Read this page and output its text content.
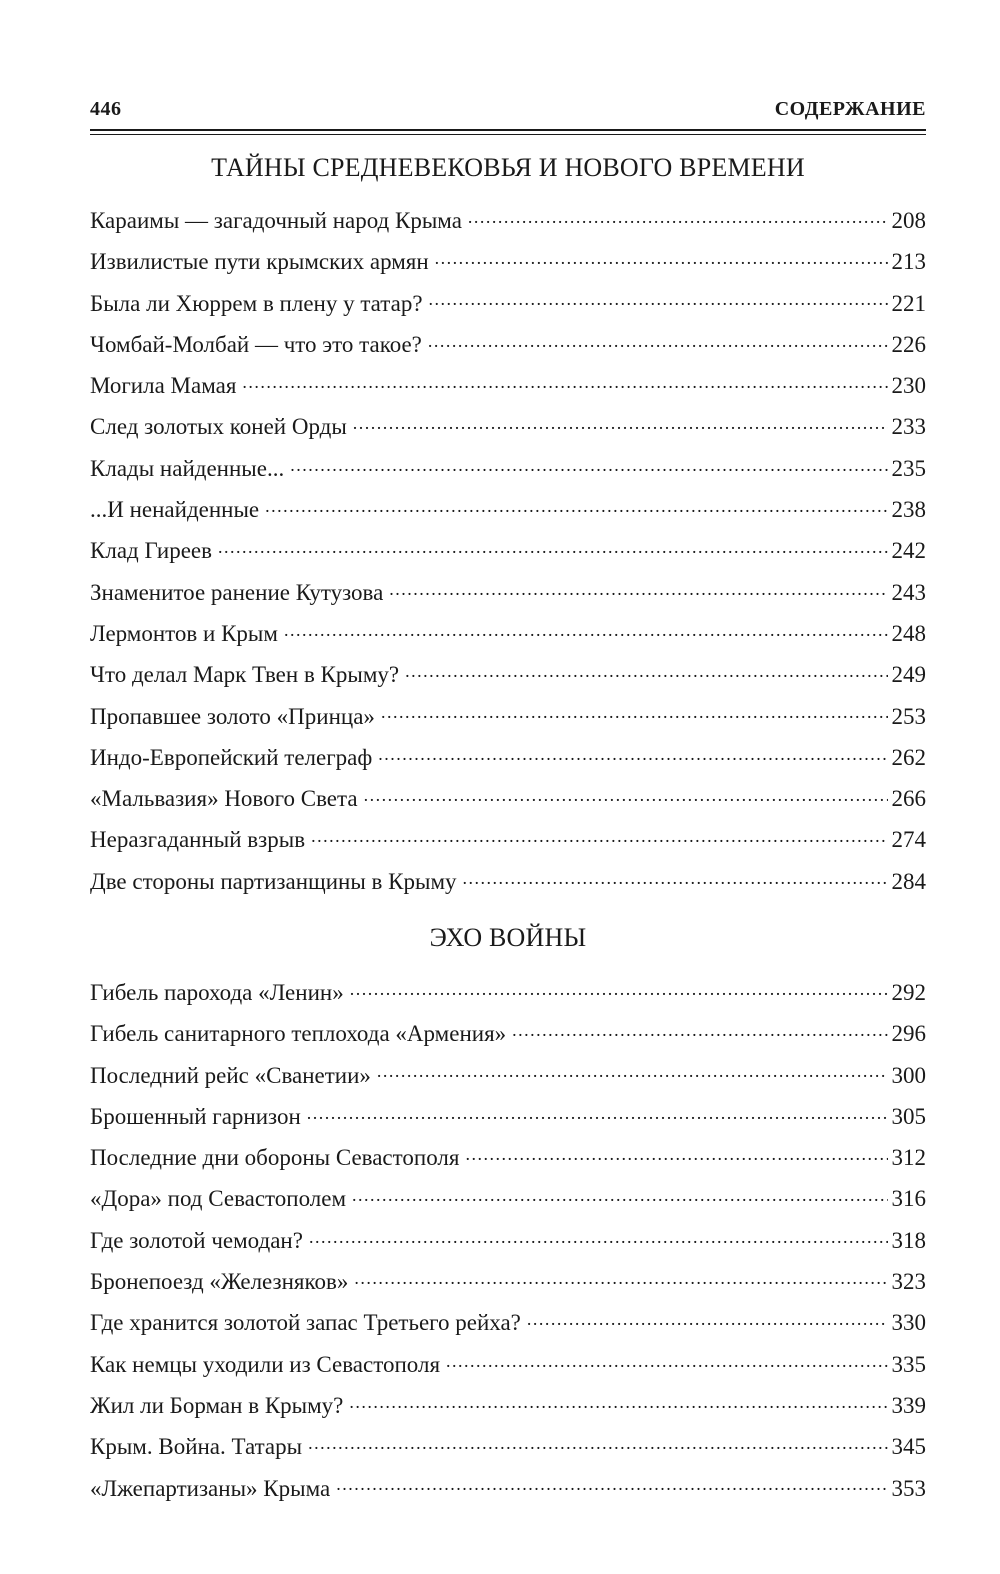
446	СОДЕРЖАНИЕ
ТАЙНЫ СРЕДНЕВЕКОВЬЯ И НОВОГО ВРЕМЕНИ
Караимы — загадочный народ Крыма .....	208
Извилистые пути крымских армян .....	213
Была ли Хюррем в плену у татар? .....	221
Чомбай-Молбай — что это такое? .....	226
Могила Мамая .....	230
След золотых коней Орды .....	233
Клады найденные... .....	235
...И ненайденные .....	238
Клад Гиреев .....	242
Знаменитое ранение Кутузова .....	243
Лермонтов и Крым .....	248
Что делал Марк Твен в Крыму? .....	249
Пропавшее золото «Принца» .....	253
Индо-Европейский телеграф .....	262
«Мальвазия» Нового Света .....	266
Неразгаданный взрыв .....	274
Две стороны партизанщины в Крыму .....	284
ЭХО ВОЙНЫ
Гибель парохода «Ленин» .....	292
Гибель санитарного теплохода «Армения» .....	296
Последний рейс «Сванетии» .....	300
Брошенный гарнизон .....	305
Последние дни обороны Севастополя .....	312
«Дора» под Севастополем .....	316
Где золотой чемодан? .....	318
Бронепоезд «Железняков» .....	323
Где хранится золотой запас Третьего рейха? .....	330
Как немцы уходили из Севастополя .....	335
Жил ли Борман в Крыму? .....	339
Крым. Война. Татары .....	345
«Лжепартизаны» Крыма .....	353
